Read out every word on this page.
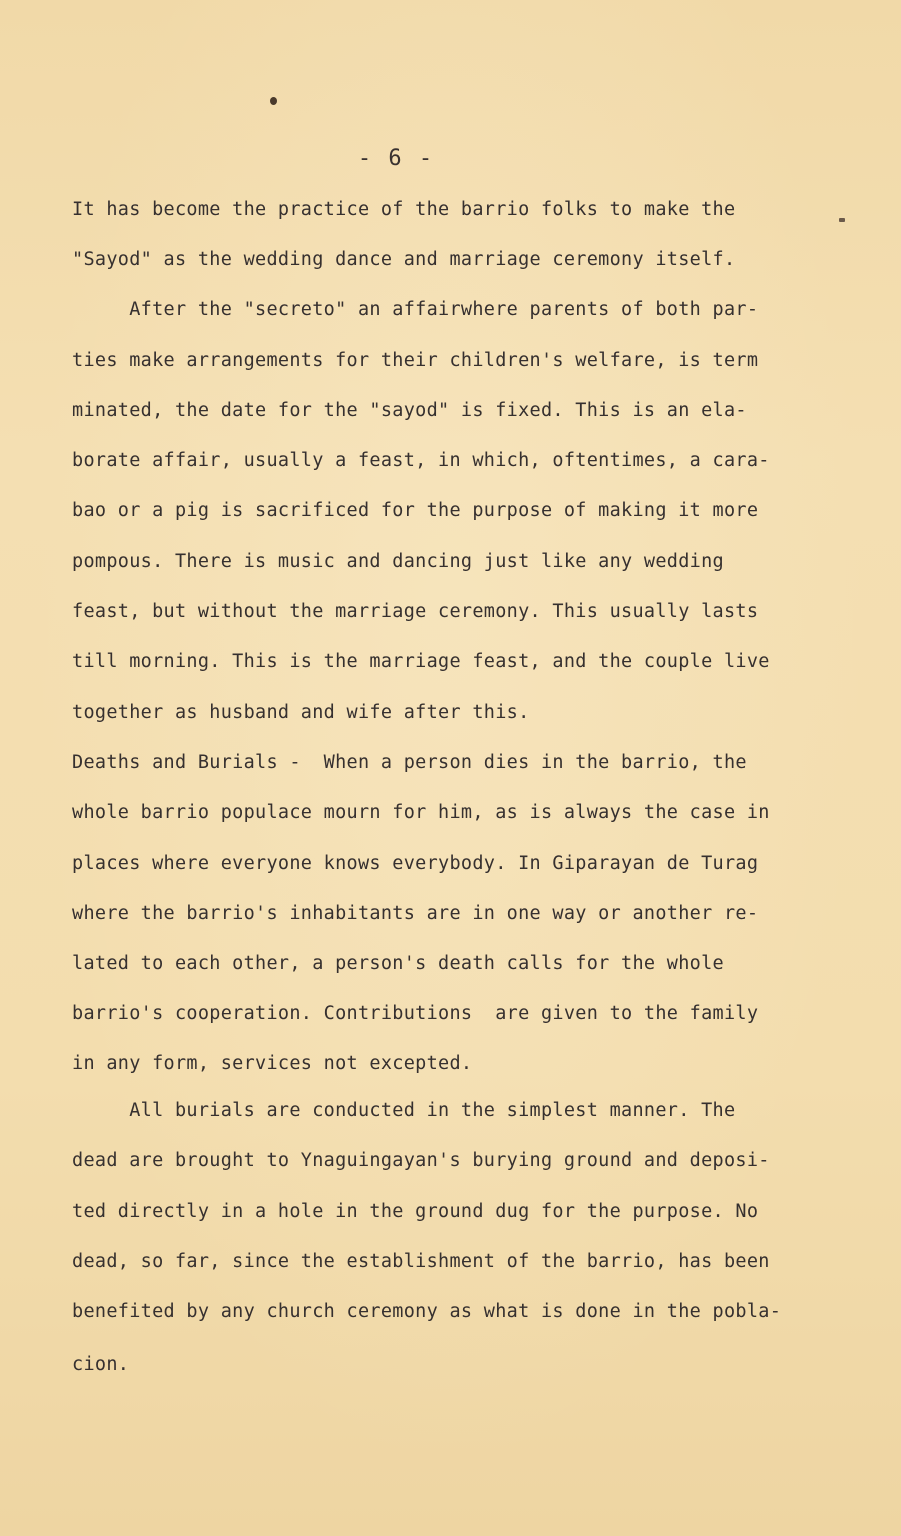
- 6 -
It has become the practice of the barrio folks to make the
"Sayod" as the wedding dance and marriage ceremony itself.
After the "secreto" an affairwhere parents of both par-
ties make arrangements for their children's welfare, is term
minated, the date for the "sayod" is fixed. This is an ela-
borate affair, usually a feast, in which, oftentimes, a cara-
bao or a pig is sacrificed for the purpose of making it more
pompous. There is music and dancing just like any wedding
feast, but without the marriage ceremony. This usually lasts
till morning. This is the marriage feast, and the couple live
together as husband and wife after this.
Deaths and Burials -  When a person dies in the barrio, the
whole barrio populace mourn for him, as is always the case in
places where everyone knows everybody. In Giparayan de Turag
where the barrio's inhabitants are in one way or another re-
lated to each other, a person's death calls for the whole
barrio's cooperation. Contributions  are given to the family
in any form, services not excepted.
All burials are conducted in the simplest manner. The
dead are brought to Ynaguingayan's burying ground and deposi-
ted directly in a hole in the ground dug for the purpose. No
dead, so far, since the establishment of the barrio, has been
benefited by any church ceremony as what is done in the pobla-
cion.
